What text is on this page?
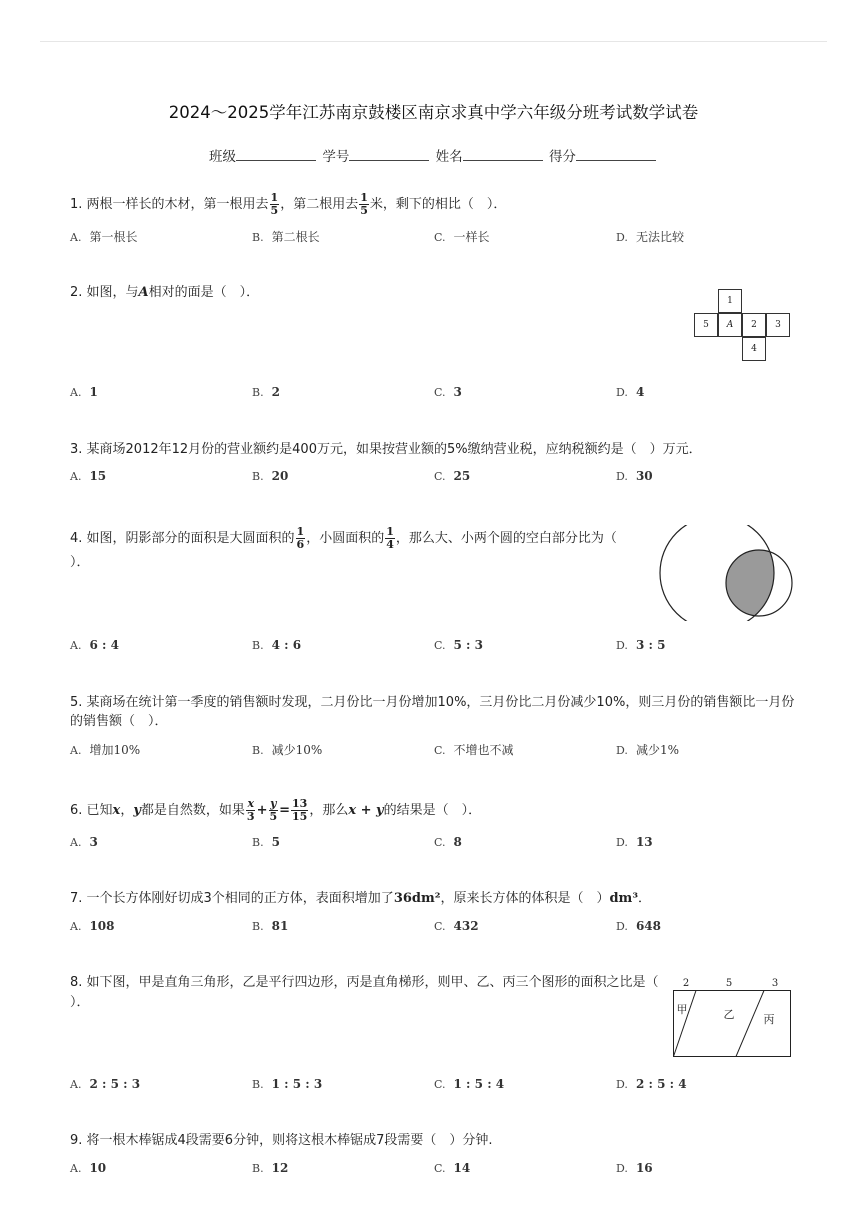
2024～2025学年江苏南京鼓楼区南京求真中学六年级分班考试数学试卷
班级	学号	姓名	得分
1. 两根一样长的木材，第一根用去 $\frac{1}{5}$ ，第二根用去 $\frac{1}{5}$ 米，剩下的相比（　）．
A. 第一根长	B. 第二根长	C. 一样长	D. 无法比较
2. 如图，与A相对的面是（　）．
1
5	A	2	3
4
A. 1	B. 2	C. 3	D. 4
3. 某商场2012年12月份的营业额约是400万元，如果按营业额的5%缴纳营业税，应纳税额约是（　）万元．
A. 15	B. 20	C. 25	D. 30
4. 如图，阴影部分的面积是大圆面积的 $\frac{1}{6}$ ，小圆面积的 $\frac{1}{4}$ ，那么大、小两个圆的空白部分比为（
）．
A. 6 : 4	B. 4 : 6	C. 5 : 3	D. 3 : 5
5. 某商场在统计第一季度的销售额时发现，二月份比一月份增加10%，三月份比二月份减少10%，则三月份的销售额比一月份的销售额（　）．
A. 增加10%	B. 减少10%	C. 不增也不减	D. 减少1%
6. 已知x，y都是自然数，如果 $\frac{x}{3} + \frac{y}{5} = \frac{13}{15}$ ，那么x + y的结果是（　）．
A. 3	B. 5	C. 8	D. 13
7. 一个长方体刚好切成3个相同的正方体，表面积增加了36dm²，原来长方体的体积是（　）dm³．
A. 108	B. 81	C. 432	D. 648
8. 如下图，甲是直角三角形，乙是平行四边形，丙是直角梯形，则甲、乙、丙三个图形的面积之比是（
）．
2	5	3
甲	乙	丙
A. 2 : 5 : 3	B. 1 : 5 : 3	C. 1 : 5 : 4	D. 2 : 5 : 4
9. 将一根木棒锯成4段需要6分钟，则将这根木棒锯成7段需要（　）分钟.
A. 10	B. 12	C. 14	D. 16
